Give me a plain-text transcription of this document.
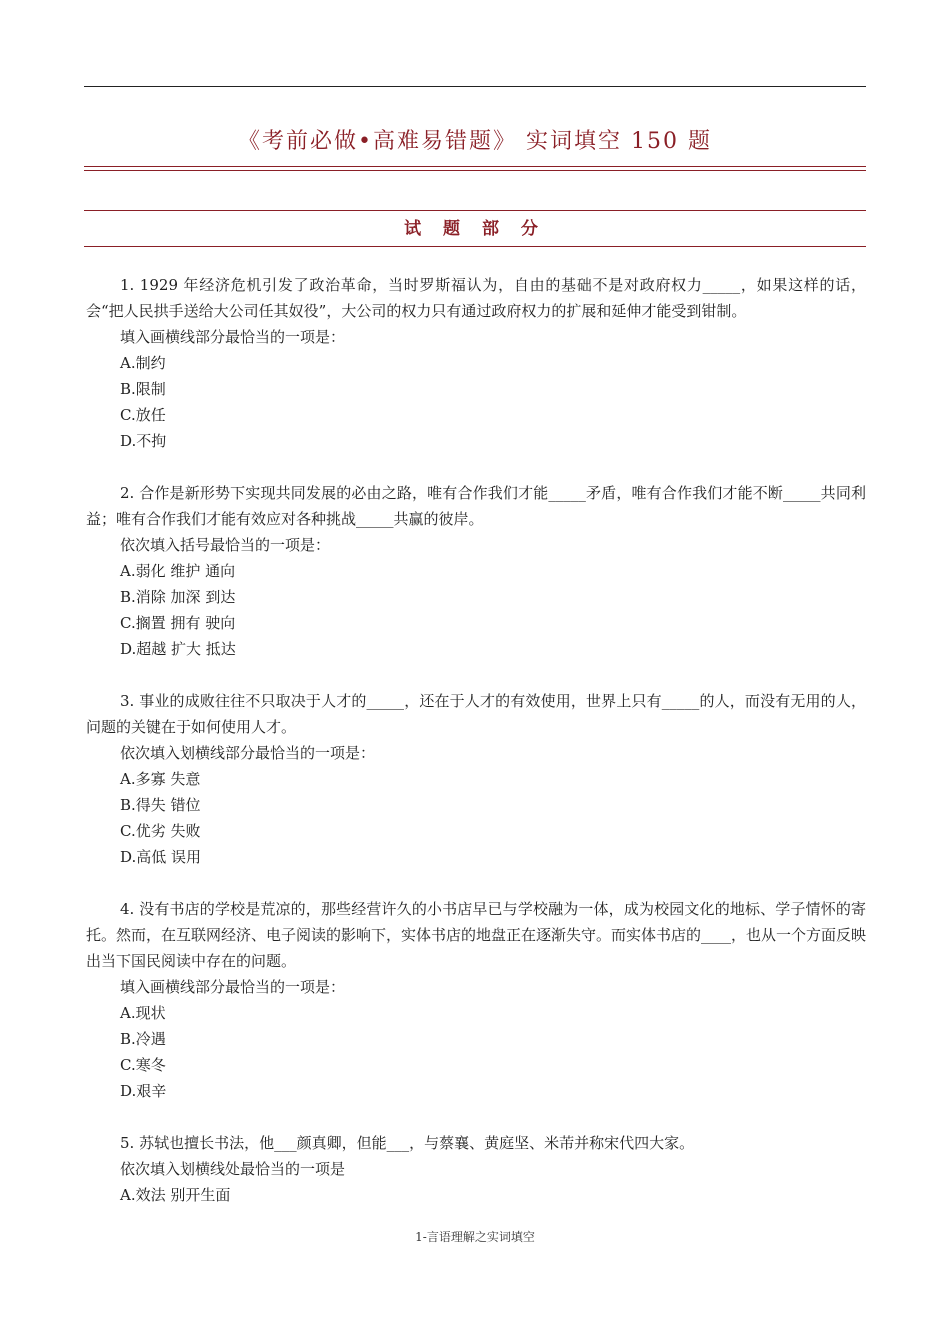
《考前必做•高难易错题》 实词填空 150 题
试 题 部 分
1. 1929 年经济危机引发了政治革命，当时罗斯福认为，自由的基础不是对政府权力_____，如果这样的话，会“把人民拱手送给大公司任其奴役”，大公司的权力只有通过政府权力的扩展和延伸才能受到钳制。
填入画横线部分最恰当的一项是：
A.制约
B.限制
C.放任
D.不拘
2. 合作是新形势下实现共同发展的必由之路，唯有合作我们才能_____矛盾，唯有合作我们才能不断_____共同利益；唯有合作我们才能有效应对各种挑战_____共赢的彼岸。
依次填入括号最恰当的一项是：
A.弱化 维护 通向
B.消除 加深 到达
C.搁置 拥有 驶向
D.超越 扩大 抵达
3. 事业的成败往往不只取决于人才的_____，还在于人才的有效使用，世界上只有_____的人，而没有无用的人，问题的关键在于如何使用人才。
依次填入划横线部分最恰当的一项是：
A.多寡 失意
B.得失 错位
C.优劣 失败
D.高低 误用
4. 没有书店的学校是荒凉的，那些经营许久的小书店早已与学校融为一体，成为校园文化的地标、学子情怀的寄托。然而，在互联网经济、电子阅读的影响下，实体书店的地盘正在逐渐失守。而实体书店的____，也从一个方面反映出当下国民阅读中存在的问题。
填入画横线部分最恰当的一项是：
A.现状
B.冷遇
C.寒冬
D.艰辛
5. 苏轼也擅长书法，他___颜真卿，但能___，与蔡襄、黄庭坚、米芾并称宋代四大家。
依次填入划横线处最恰当的一项是
A.效法 别开生面
1-言语理解之实词填空
